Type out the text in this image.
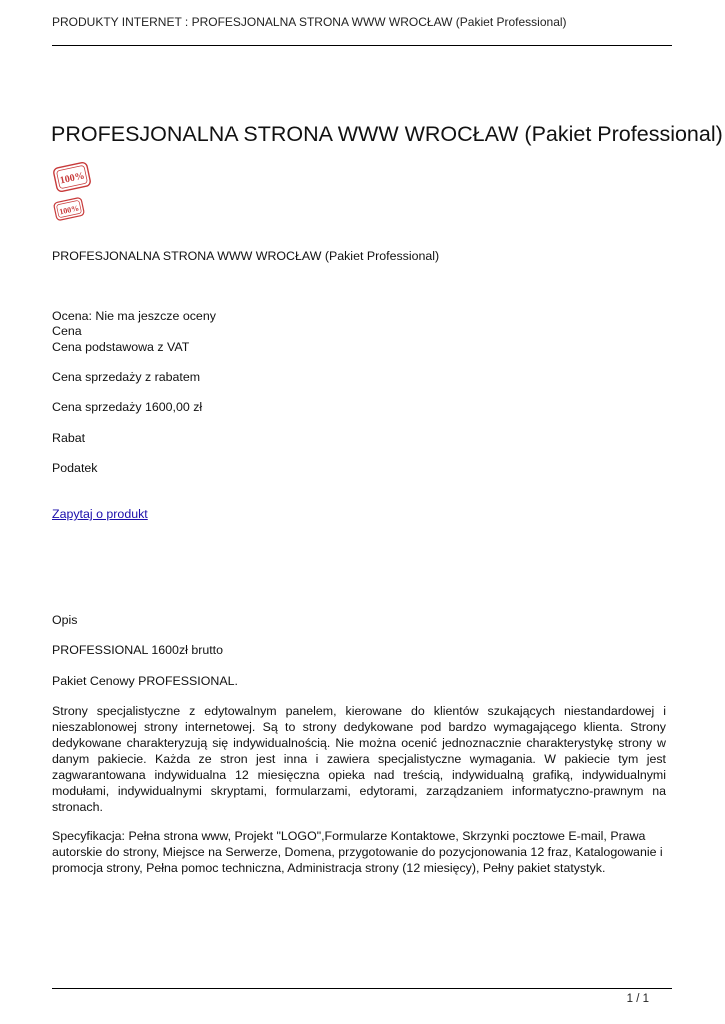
PRODUKTY INTERNET : PROFESJONALNA STRONA WWW WROCŁAW (Pakiet Professional)
PROFESJONALNA STRONA WWW WROCŁAW (Pakiet Professional)
100%
100%
PROFESJONALNA STRONA WWW WROCŁAW (Pakiet Professional)
Ocena: Nie ma jeszcze oceny
Cena
Cena podstawowa z VAT
Cena sprzedaży z rabatem
Cena sprzedaży 1600,00 zł
Rabat
Podatek
Zapytaj o produkt
Opis
PROFESSIONAL 1600zł brutto
Pakiet Cenowy PROFESSIONAL.
Strony specjalistyczne z edytowalnym panelem, kierowane do klientów szukających niestandardowej i nieszablonowej strony internetowej. Są to strony dedykowane pod bardzo wymagającego klienta. Strony dedykowane charakteryzują się indywidualnością. Nie można ocenić jednoznacznie charakterystykę strony w danym pakiecie. Każda ze stron jest inna i zawiera specjalistyczne wymagania. W pakiecie tym jest zagwarantowana indywidualna 12 miesięczna opieka nad treścią, indywidualną grafiką, indywidualnymi modułami, indywidualnymi skryptami, formularzami, edytorami, zarządzaniem informatyczno-prawnym na stronach.
Specyfikacja: Pełna strona www, Projekt "LOGO",Formularze Kontaktowe, Skrzynki pocztowe E-mail, Prawa autorskie do strony, Miejsce na Serwerze, Domena, przygotowanie do pozycjonowania 12 fraz, Katalogowanie i promocja strony, Pełna pomoc techniczna, Administracja strony (12 miesięcy), Pełny pakiet statystyk.
1 / 1
